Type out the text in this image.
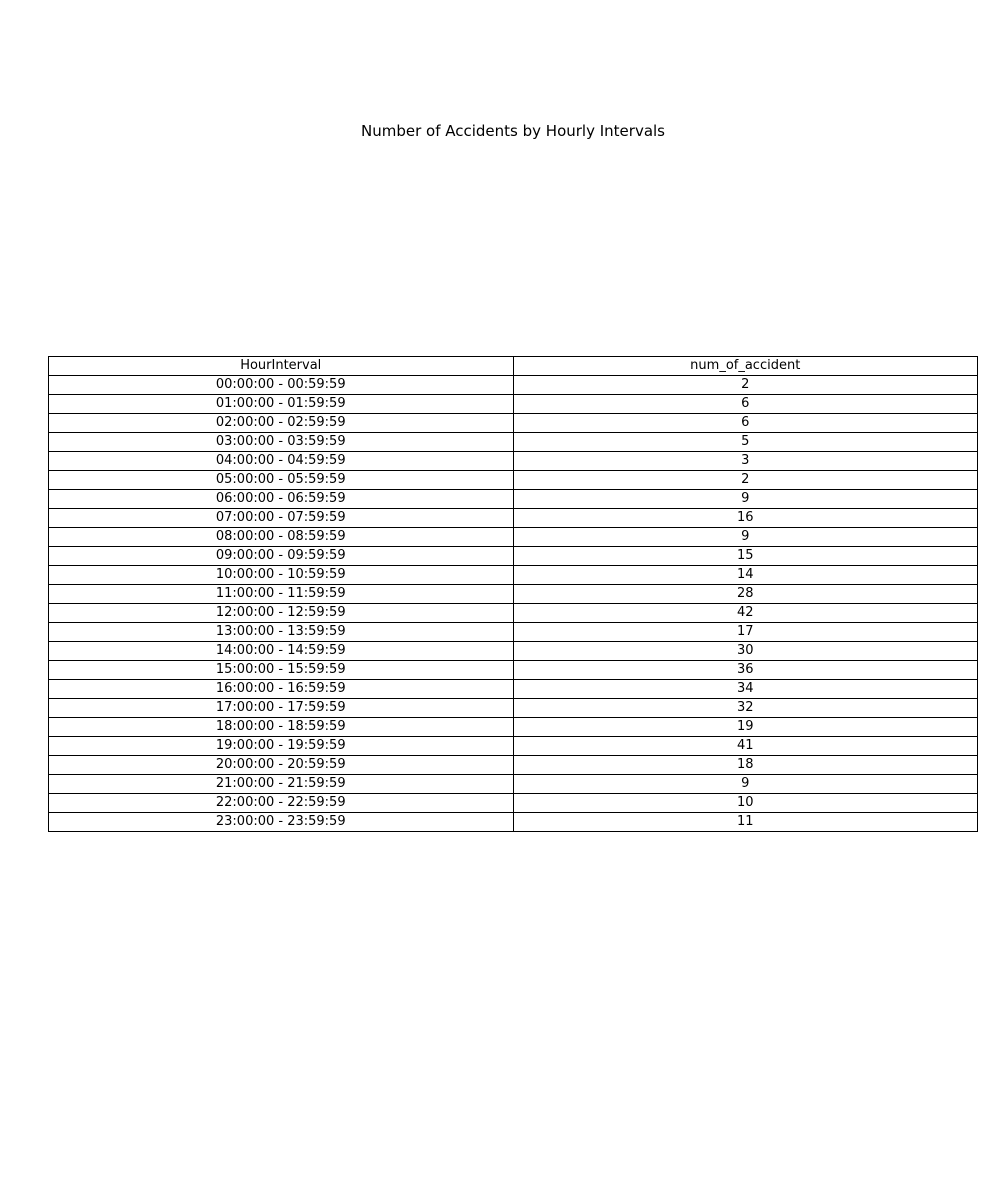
Number of Accidents by Hourly Intervals
HourInterval	num_of_accident
00:00:00 - 00:59:59	2
01:00:00 - 01:59:59	6
02:00:00 - 02:59:59	6
03:00:00 - 03:59:59	5
04:00:00 - 04:59:59	3
05:00:00 - 05:59:59	2
06:00:00 - 06:59:59	9
07:00:00 - 07:59:59	16
08:00:00 - 08:59:59	9
09:00:00 - 09:59:59	15
10:00:00 - 10:59:59	14
11:00:00 - 11:59:59	28
12:00:00 - 12:59:59	42
13:00:00 - 13:59:59	17
14:00:00 - 14:59:59	30
15:00:00 - 15:59:59	36
16:00:00 - 16:59:59	34
17:00:00 - 17:59:59	32
18:00:00 - 18:59:59	19
19:00:00 - 19:59:59	41
20:00:00 - 20:59:59	18
21:00:00 - 21:59:59	9
22:00:00 - 22:59:59	10
23:00:00 - 23:59:59	11
